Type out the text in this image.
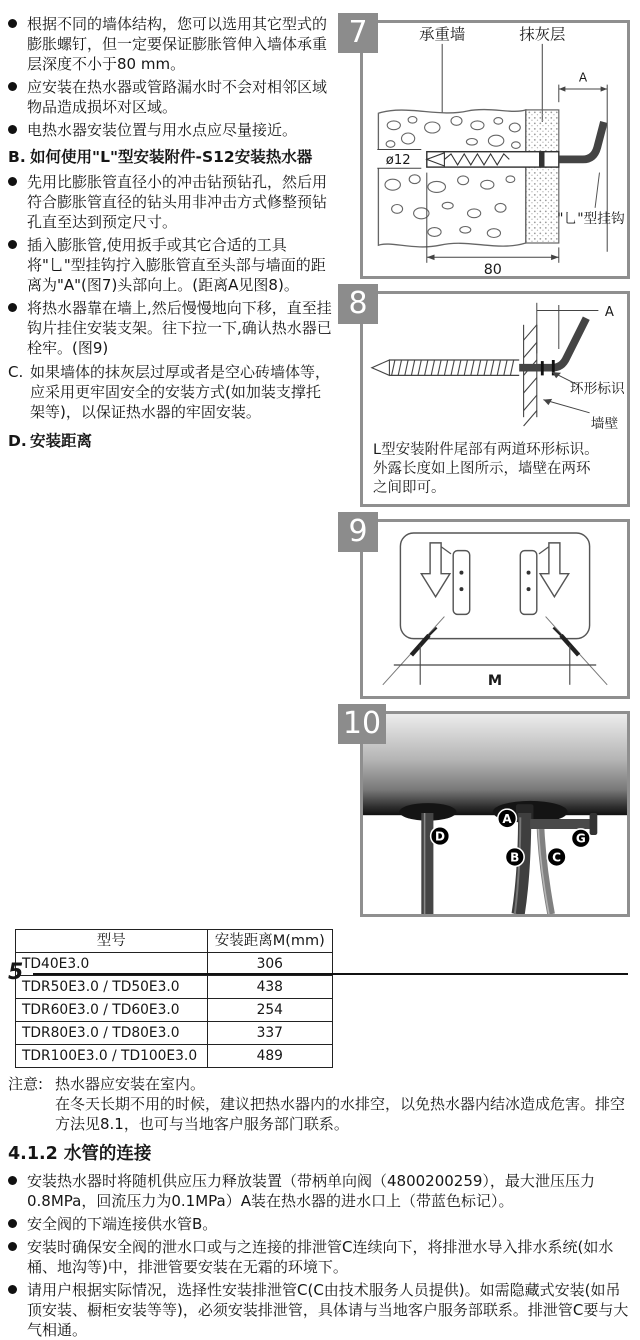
7	承重墙	抹灰层
A
ø12
80
"乚"型挂钩
8	A
环形标识
墙壁
L型安装附件尾部有两道环形标识。外露长度如上图所示，墙壁在两环之间即可。
9
M
10
D
A
B	C
G

根据不同的墙体结构，您可以选用其它型式的膨胀螺钉，但一定要保证膨胀管伸入墙体承重层深度不小于80 mm。

应安装在热水器或管路漏水时不会对相邻区域物品造成损坏对区域。

电热水器安装位置与用水点应尽量接近。

B. 如何使用"L"型安装附件-S12安装热水器

先用比膨胀管直径小的冲击钻预钻孔，然后用符合膨胀管直径的钻头用非冲击方式修整预钻孔直至达到预定尺寸。

插入膨胀管,使用扳手或其它合适的工具将"乚"型挂钩拧入膨胀管直至头部与墙面的距离为"A"(图7)头部向上。(距离A见图8)。

将热水器靠在墙上,然后慢慢地向下移，直至挂钩片挂住安装支架。往下拉一下,确认热水器已栓牢。(图9)

C. 如果墙体的抹灰层过厚或者是空心砖墙体等，应采用更牢固安全的安装方式(如加装支撑托架等)，以保证热水器的牢固安装。

D. 安装距离

型号	安装距离M(mm)
TD40E3.0	306
TDR50E3.0 / TD50E3.0	438
TDR60E3.0 / TD60E3.0	254
TDR80E3.0 / TD80E3.0	337
TDR100E3.0 / TD100E3.0	489

注意: 热水器应安装在室内。

在冬天长期不用的时候，建议把热水器内的水排空，以免热水器内结冰造成危害。排空方法见8.1，也可与当地客户服务部门联系。

4.1.2 水管的连接

安装热水器时将随机供应压力释放装置（带柄单向阀（4800200259），最大泄压压力0.8MPa，回流压力为0.1MPa）A装在热水器的进水口上（带蓝色标记）。

安全阀的下端连接供水管B。

安装时确保安全阀的泄水口或与之连接的排泄管C连续向下，将排泄水导入排水系统(如水桶、地沟等)中，排泄管要安装在无霜的环境下。

请用户根据实际情况，选择性安装排泄管C(C由技术服务人员提供)。如需隐藏式安装(如吊顶安装、橱柜安装等等)，必须安装排泄管，具体请与当地客户服务部联系。排泄管C要与大气相通。

5
